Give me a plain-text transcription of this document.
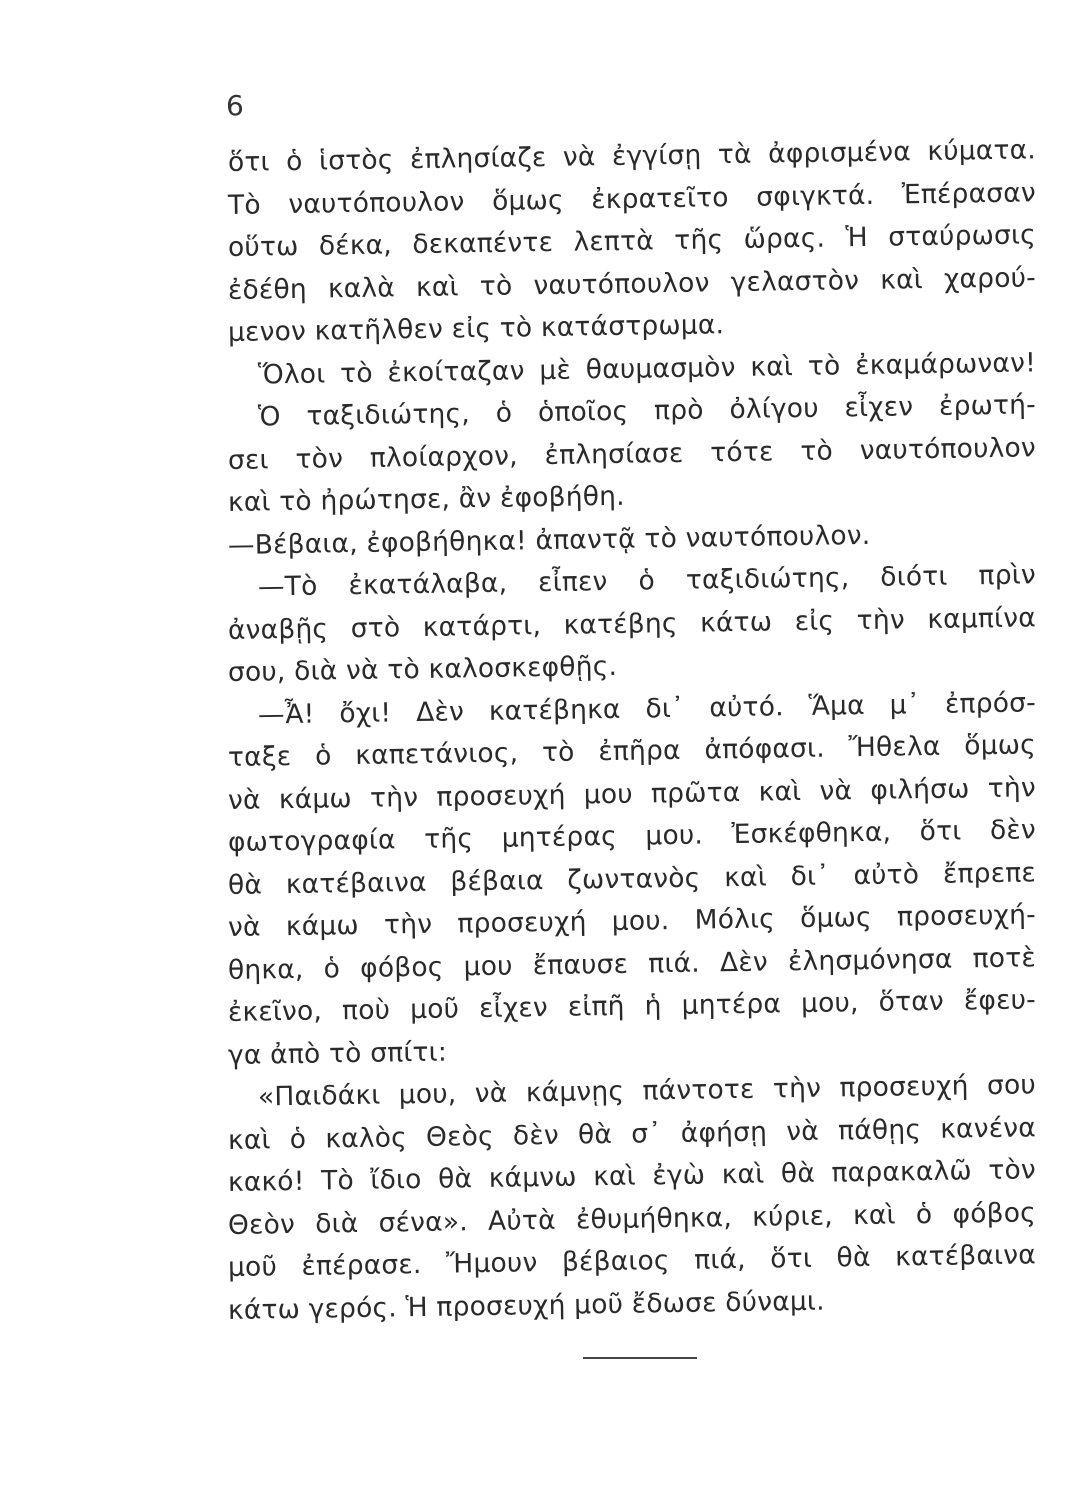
6
ὅτι ὁ ἱστὸς ἐπλησίαζε νὰ ἐγγίσῃ τὰ ἀφρισμένα κύματα.
Τὸ ναυτόπουλον ὅμως ἐκρατεῖτο σφιγκτά. Ἐπέρασαν
οὕτω δέκα, δεκαπέντε λεπτὰ τῆς ὥρας. Ἡ σταύρωσις
ἐδέθη καλὰ καὶ τὸ ναυτόπουλον γελαστὸν καὶ χαρού-
μενον κατῆλθεν εἰς τὸ κατάστρωμα.
Ὅλοι τὸ ἐκοίταζαν μὲ θαυμασμὸν καὶ τὸ ἐκαμάρωναν!
Ὁ ταξιδιώτης, ὁ ὁποῖος πρὸ ὀλίγου εἶχεν ἐρωτή-
σει τὸν πλοίαρχον, ἐπλησίασε τότε τὸ ναυτόπουλον
καὶ τὸ ἠρώτησε, ἂν ἐφοβήθη.
—Βέβαια, ἐφοβήθηκα! ἀπαντᾷ τὸ ναυτόπουλον.
—Τὸ ἐκατάλαβα, εἶπεν ὁ ταξιδιώτης, διότι πρὶν
ἀναβῇς στὸ κατάρτι, κατέβης κάτω εἰς τὴν καμπίνα
σου, διὰ νὰ τὸ καλοσκεφθῇς.
—Ἆ! ὄχι! Δὲν κατέβηκα δι᾽ αὐτό. Ἅμα μ᾽ ἐπρόσ-
ταξε ὁ καπετάνιος, τὸ ἐπῆρα ἀπόφασι. Ἤθελα ὅμως
νὰ κάμω τὴν προσευχή μου πρῶτα καὶ νὰ φιλήσω τὴν
φωτογραφία τῆς μητέρας μου. Ἐσκέφθηκα, ὅτι δὲν
θὰ κατέβαινα βέβαια ζωντανὸς καὶ δι᾽ αὐτὸ ἔπρεπε
νὰ κάμω τὴν προσευχή μου. Μόλις ὅμως προσευχή-
θηκα, ὁ φόβος μου ἔπαυσε πιά. Δὲν ἐλησμόνησα ποτὲ
ἐκεῖνο, ποὺ μοῦ εἶχεν εἰπῆ ἡ μητέρα μου, ὅταν ἔφευ-
γα ἀπὸ τὸ σπίτι:
«Παιδάκι μου, νὰ κάμνῃς πάντοτε τὴν προσευχή σου
καὶ ὁ καλὸς Θεὸς δὲν θὰ σ᾽ ἀφήσῃ νὰ πάθῃς κανένα
κακό! Τὸ ἴδιο θὰ κάμνω καὶ ἐγὼ καὶ θὰ παρακαλῶ τὸν
Θεὸν διὰ σένα». Αὐτὰ ἐθυμήθηκα, κύριε, καὶ ὁ φόβος
μοῦ ἐπέρασε. Ἤμουν βέβαιος πιά, ὅτι θὰ κατέβαινα
κάτω γερός. Ἡ προσευχή μοῦ ἔδωσε δύναμι.
